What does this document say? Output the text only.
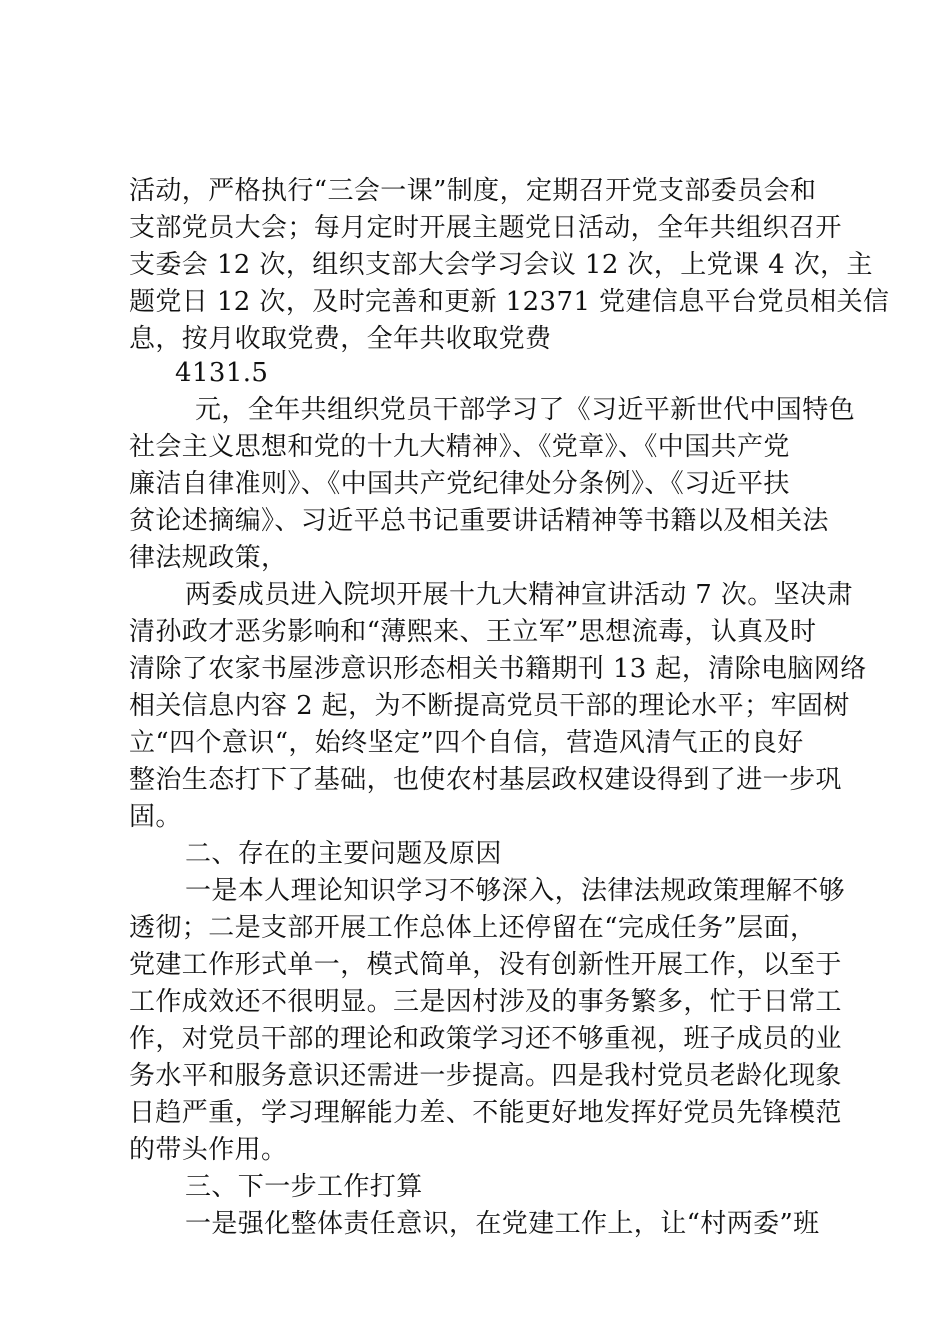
活动，严格执行“三会一课”制度，定期召开党支部委员会和
支部党员大会；每月定时开展主题党日活动，全年共组织召开
支委会 12 次，组织支部大会学习会议 12 次，上党课 4 次，主
题党日 12 次，及时完善和更新 12371 党建信息平台党员相关信
息，按月收取党费，全年共收取党费
4131.5
元，全年共组织党员干部学习了《习近平新世代中国特色
社会主义思想和党的十九大精神》、《党章》、《中国共产党
廉洁自律准则》、《中国共产党纪律处分条例》、《习近平扶
贫论述摘编》、习近平总书记重要讲话精神等书籍以及相关法
律法规政策，
两委成员进入院坝开展十九大精神宣讲活动 7 次。坚决肃
清孙政才恶劣影响和“薄熙来、王立军”思想流毒，认真及时
清除了农家书屋涉意识形态相关书籍期刊 13 起，清除电脑网络
相关信息内容 2 起，为不断提高党员干部的理论水平；牢固树
立“四个意识“，始终坚定”四个自信，营造风清气正的良好
整治生态打下了基础，也使农村基层政权建设得到了进一步巩
固。
二、存在的主要问题及原因
一是本人理论知识学习不够深入，法律法规政策理解不够
透彻；二是支部开展工作总体上还停留在“完成任务”层面，
党建工作形式单一，模式简单，没有创新性开展工作，以至于
工作成效还不很明显。三是因村涉及的事务繁多，忙于日常工
作，对党员干部的理论和政策学习还不够重视，班子成员的业
务水平和服务意识还需进一步提高。四是我村党员老龄化现象
日趋严重，学习理解能力差、不能更好地发挥好党员先锋模范
的带头作用。
三、下一步工作打算
一是强化整体责任意识，在党建工作上，让“村两委”班
